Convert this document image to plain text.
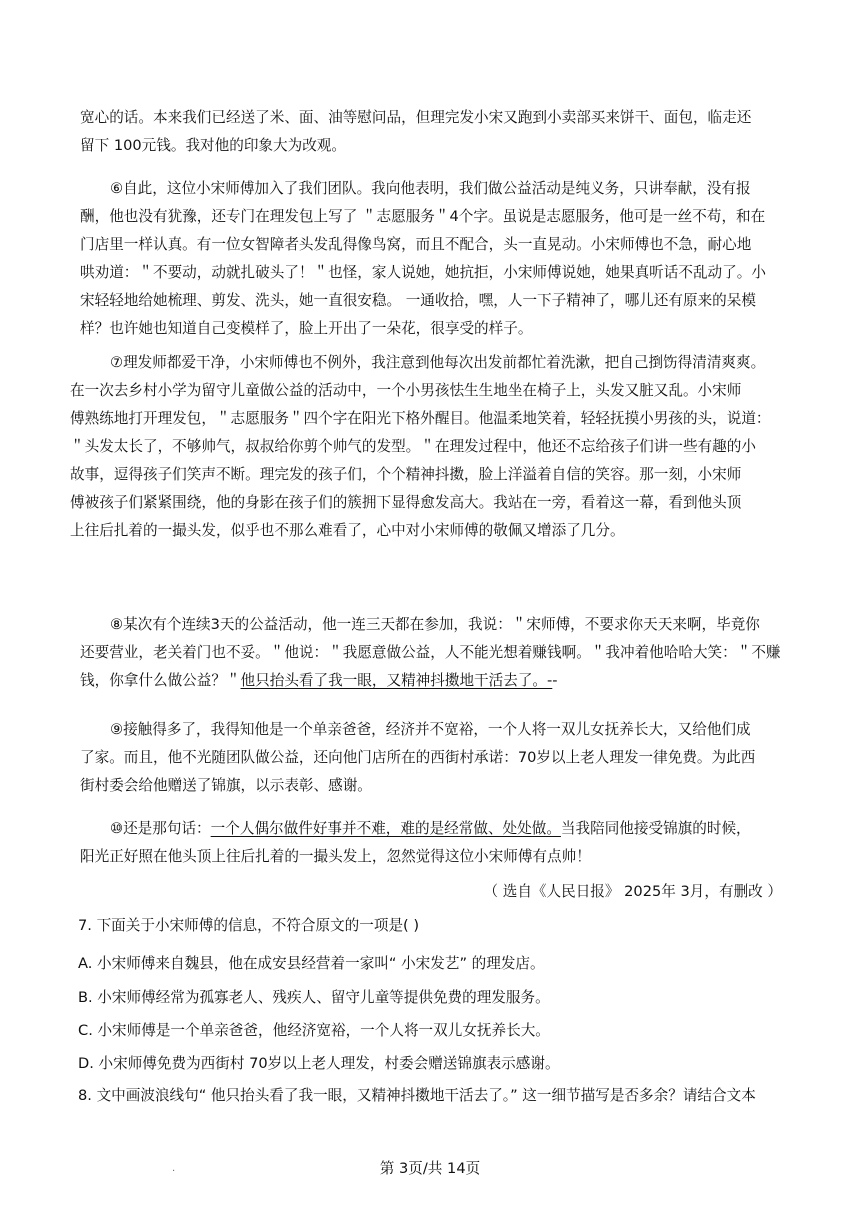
宽心的话。本来我们已经送了米、面、油等慰问品，但理完发小宋又跑到小卖部买来饼干、面包，临走还
留下 100元钱。我对他的印象大为改观。
⑥自此，这位小宋师傅加入了我们团队。我向他表明，我们做公益活动是纯义务，只讲奉献，没有报
酬，他也没有犹豫，还专门在理发包上写了 ＂志愿服务＂4个字。虽说是志愿服务，他可是一丝不苟，和在
门店里一样认真。有一位女智障者头发乱得像鸟窝，而且不配合，头一直晃动。小宋师傅也不急，耐心地
哄劝道：＂不要动，动就扎破头了！＂也怪，家人说她，她抗拒，小宋师傅说她，她果真听话不乱动了。小
宋轻轻地给她梳理、剪发、洗头，她一直很安稳。 一通收拾，嘿，人一下子精神了，哪儿还有原来的呆模
样？也许她也知道自己变模样了，脸上开出了一朵花，很享受的样子。
⑦理发师都爱干净，小宋师傅也不例外，我注意到他每次出发前都忙着洗漱，把自己捯饬得清清爽爽。
在一次去乡村小学为留守儿童做公益的活动中，一个小男孩怯生生地坐在椅子上，头发又脏又乱。小宋师
傅熟练地打开理发包，＂志愿服务＂四个字在阳光下格外醒目。他温柔地笑着，轻轻抚摸小男孩的头，说道：
＂头发太长了，不够帅气，叔叔给你剪个帅气的发型。＂在理发过程中，他还不忘给孩子们讲一些有趣的小
故事，逗得孩子们笑声不断。理完发的孩子们，个个精神抖擞，脸上洋溢着自信的笑容。那一刻，小宋师
傅被孩子们紧紧围绕，他的身影在孩子们的簇拥下显得愈发高大。我站在一旁，看着这一幕，看到他头顶
上往后扎着的一撮头发，似乎也不那么难看了，心中对小宋师傅的敬佩又增添了几分。
⑧某次有个连续3天的公益活动，他一连三天都在参加，我说：＂宋师傅，不要求你天天来啊，毕竟你
还要营业，老关着门也不妥。＂他说：＂我愿意做公益，人不能光想着赚钱啊。＂我冲着他哈哈大笑：＂不赚
钱，你拿什么做公益？＂他只抬头看了我一眼，又精神抖擞地干活去了。--
⑨接触得多了，我得知他是一个单亲爸爸，经济并不宽裕，一个人将一双儿女抚养长大，又给他们成
了家。而且，他不光随团队做公益，还向他门店所在的西街村承诺：70岁以上老人理发一律免费。为此西
街村委会给他赠送了锦旗，以示表彰、感谢。
⑩还是那句话：一个人偶尔做件好事并不难，难的是经常做、处处做。当我陪同他接受锦旗的时候，
阳光正好照在他头顶上往后扎着的一撮头发上，忽然觉得这位小宋师傅有点帅！
（ 选自《人民日报》 2025年 3月，有删改 ）
7. 下面关于小宋师傅的信息，不符合原文的一项是( )
A. 小宋师傅来自魏县，他在成安县经营着一家叫“ 小宋发艺” 的理发店。
B. 小宋师傅经常为孤寡老人、残疾人、留守儿童等提供免费的理发服务。
C. 小宋师傅是一个单亲爸爸，他经济宽裕，一个人将一双儿女抚养长大。
D. 小宋师傅免费为西街村 70岁以上老人理发，村委会赠送锦旗表示感谢。
8. 文中画波浪线句“ 他只抬头看了我一眼，又精神抖擞地干活去了。” 这一细节描写是否多余？请结合文本
.	第 3页/共 14页
